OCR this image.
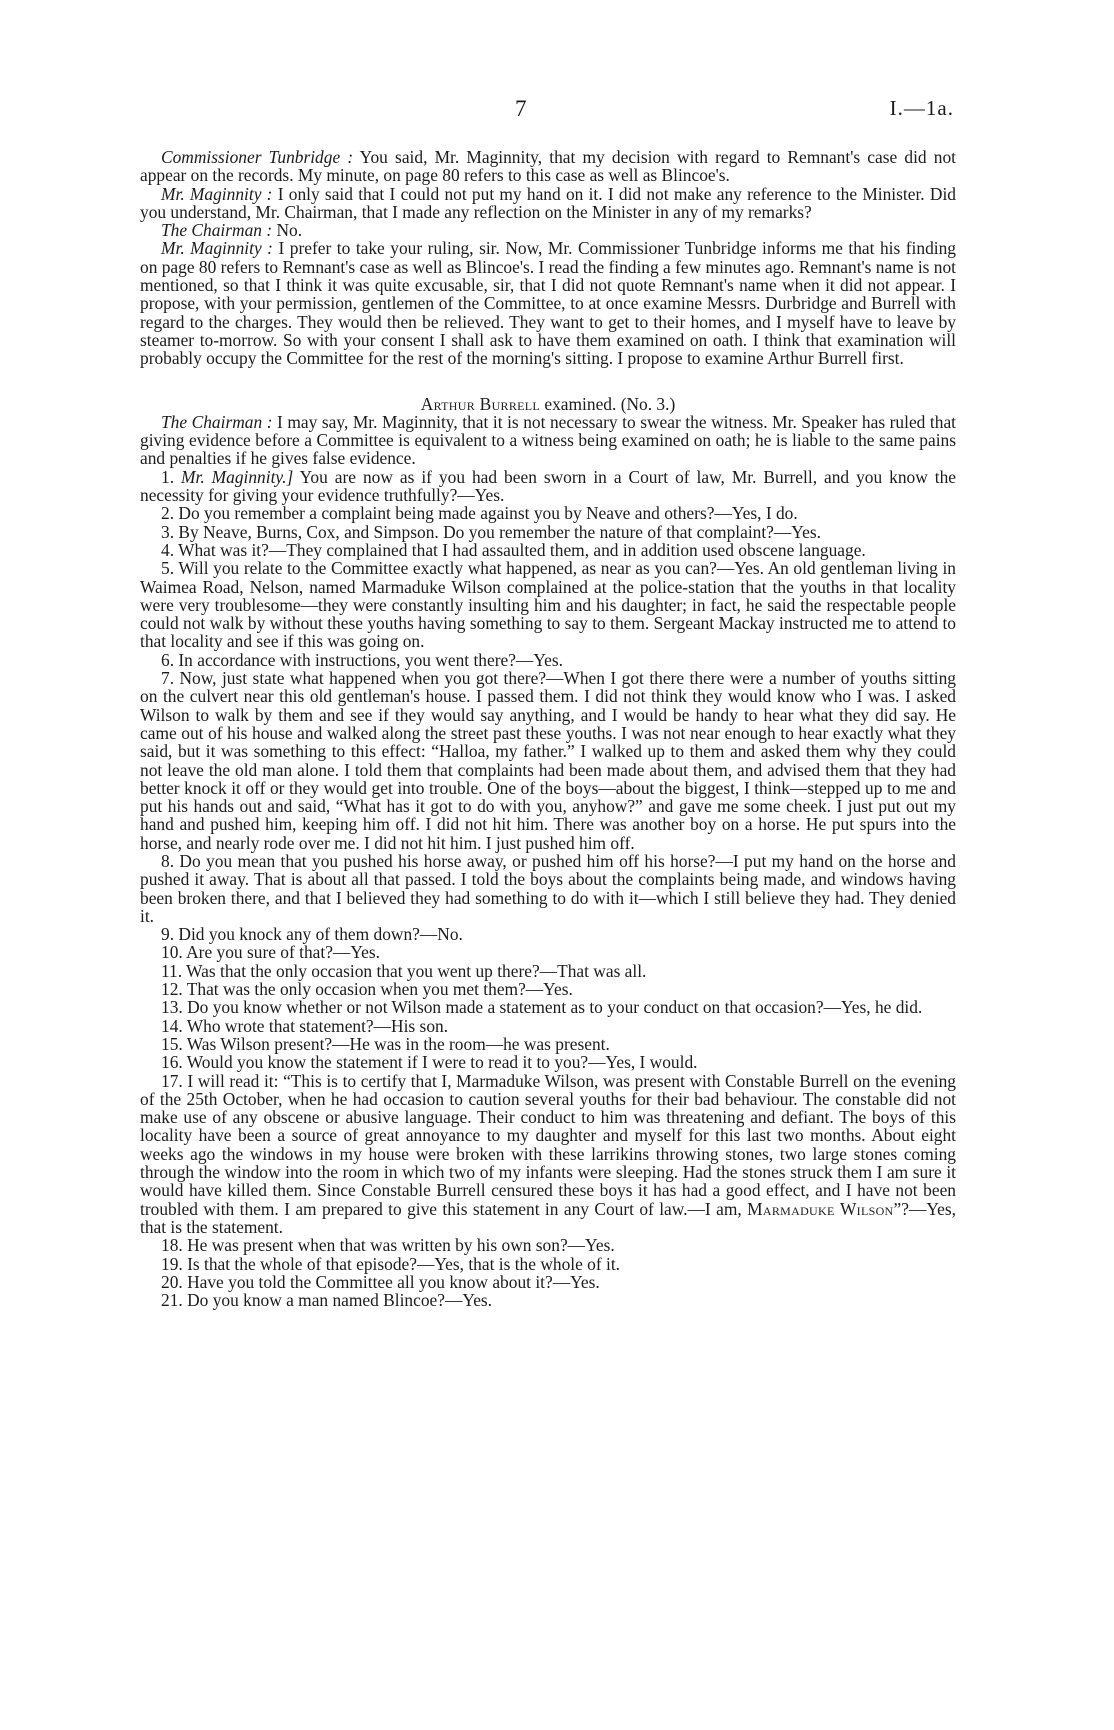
7	I.—1a.

Commissioner Tunbridge : You said, Mr. Maginnity, that my decision with regard to Remnant's case did not appear on the records. My minute, on page 80 refers to this case as well as Blincoe's.

Mr. Maginnity : I only said that I could not put my hand on it. I did not make any reference to the Minister. Did you understand, Mr. Chairman, that I made any reflection on the Minister in any of my remarks?

The Chairman : No.

Mr. Maginnity : I prefer to take your ruling, sir. Now, Mr. Commissioner Tunbridge informs me that his finding on page 80 refers to Remnant's case as well as Blincoe's. I read the finding a few minutes ago. Remnant's name is not mentioned, so that I think it was quite excusable, sir, that I did not quote Remnant's name when it did not appear. I propose, with your permission, gentlemen of the Committee, to at once examine Messrs. Durbridge and Burrell with regard to the charges. They would then be relieved. They want to get to their homes, and I myself have to leave by steamer to-morrow. So with your consent I shall ask to have them examined on oath. I think that examination will probably occupy the Committee for the rest of the morning's sitting. I propose to examine Arthur Burrell first.

Arthur Burrell examined. (No. 3.)

The Chairman : I may say, Mr. Maginnity, that it is not necessary to swear the witness. Mr. Speaker has ruled that giving evidence before a Committee is equivalent to a witness being examined on oath; he is liable to the same pains and penalties if he gives false evidence.

1. Mr. Maginnity.] You are now as if you had been sworn in a Court of law, Mr. Burrell, and you know the necessity for giving your evidence truthfully?—Yes.

2. Do you remember a complaint being made against you by Neave and others?—Yes, I do.

3. By Neave, Burns, Cox, and Simpson. Do you remember the nature of that complaint?—Yes.

4. What was it?—They complained that I had assaulted them, and in addition used obscene language.

5. Will you relate to the Committee exactly what happened, as near as you can?—Yes. An old gentleman living in Waimea Road, Nelson, named Marmaduke Wilson complained at the police-station that the youths in that locality were very troublesome—they were constantly insulting him and his daughter; in fact, he said the respectable people could not walk by without these youths having something to say to them. Sergeant Mackay instructed me to attend to that locality and see if this was going on.

6. In accordance with instructions, you went there?—Yes.

7. Now, just state what happened when you got there?—When I got there there were a number of youths sitting on the culvert near this old gentleman's house. I passed them. I did not think they would know who I was. I asked Wilson to walk by them and see if they would say anything, and I would be handy to hear what they did say. He came out of his house and walked along the street past these youths. I was not near enough to hear exactly what they said, but it was something to this effect: “Halloa, my father.” I walked up to them and asked them why they could not leave the old man alone. I told them that complaints had been made about them, and advised them that they had better knock it off or they would get into trouble. One of the boys—about the biggest, I think—stepped up to me and put his hands out and said, “What has it got to do with you, anyhow?” and gave me some cheek. I just put out my hand and pushed him, keeping him off. I did not hit him. There was another boy on a horse. He put spurs into the horse, and nearly rode over me. I did not hit him. I just pushed him off.

8. Do you mean that you pushed his horse away, or pushed him off his horse?—I put my hand on the horse and pushed it away. That is about all that passed. I told the boys about the complaints being made, and windows having been broken there, and that I believed they had something to do with it—which I still believe they had. They denied it.

9. Did you knock any of them down?—No.

10. Are you sure of that?—Yes.

11. Was that the only occasion that you went up there?—That was all.

12. That was the only occasion when you met them?—Yes.

13. Do you know whether or not Wilson made a statement as to your conduct on that occasion?—Yes, he did.

14. Who wrote that statement?—His son.

15. Was Wilson present?—He was in the room—he was present.

16. Would you know the statement if I were to read it to you?—Yes, I would.

17. I will read it: “This is to certify that I, Marmaduke Wilson, was present with Constable Burrell on the evening of the 25th October, when he had occasion to caution several youths for their bad behaviour. The constable did not make use of any obscene or abusive language. Their conduct to him was threatening and defiant. The boys of this locality have been a source of great annoyance to my daughter and myself for this last two months. About eight weeks ago the windows in my house were broken with these larrikins throwing stones, two large stones coming through the window into the room in which two of my infants were sleeping. Had the stones struck them I am sure it would have killed them. Since Constable Burrell censured these boys it has had a good effect, and I have not been troubled with them. I am prepared to give this statement in any Court of law.—I am, Marmaduke Wilson”?—Yes, that is the statement.

18. He was present when that was written by his own son?—Yes.

19. Is that the whole of that episode?—Yes, that is the whole of it.

20. Have you told the Committee all you know about it?—Yes.

21. Do you know a man named Blincoe?—Yes.
